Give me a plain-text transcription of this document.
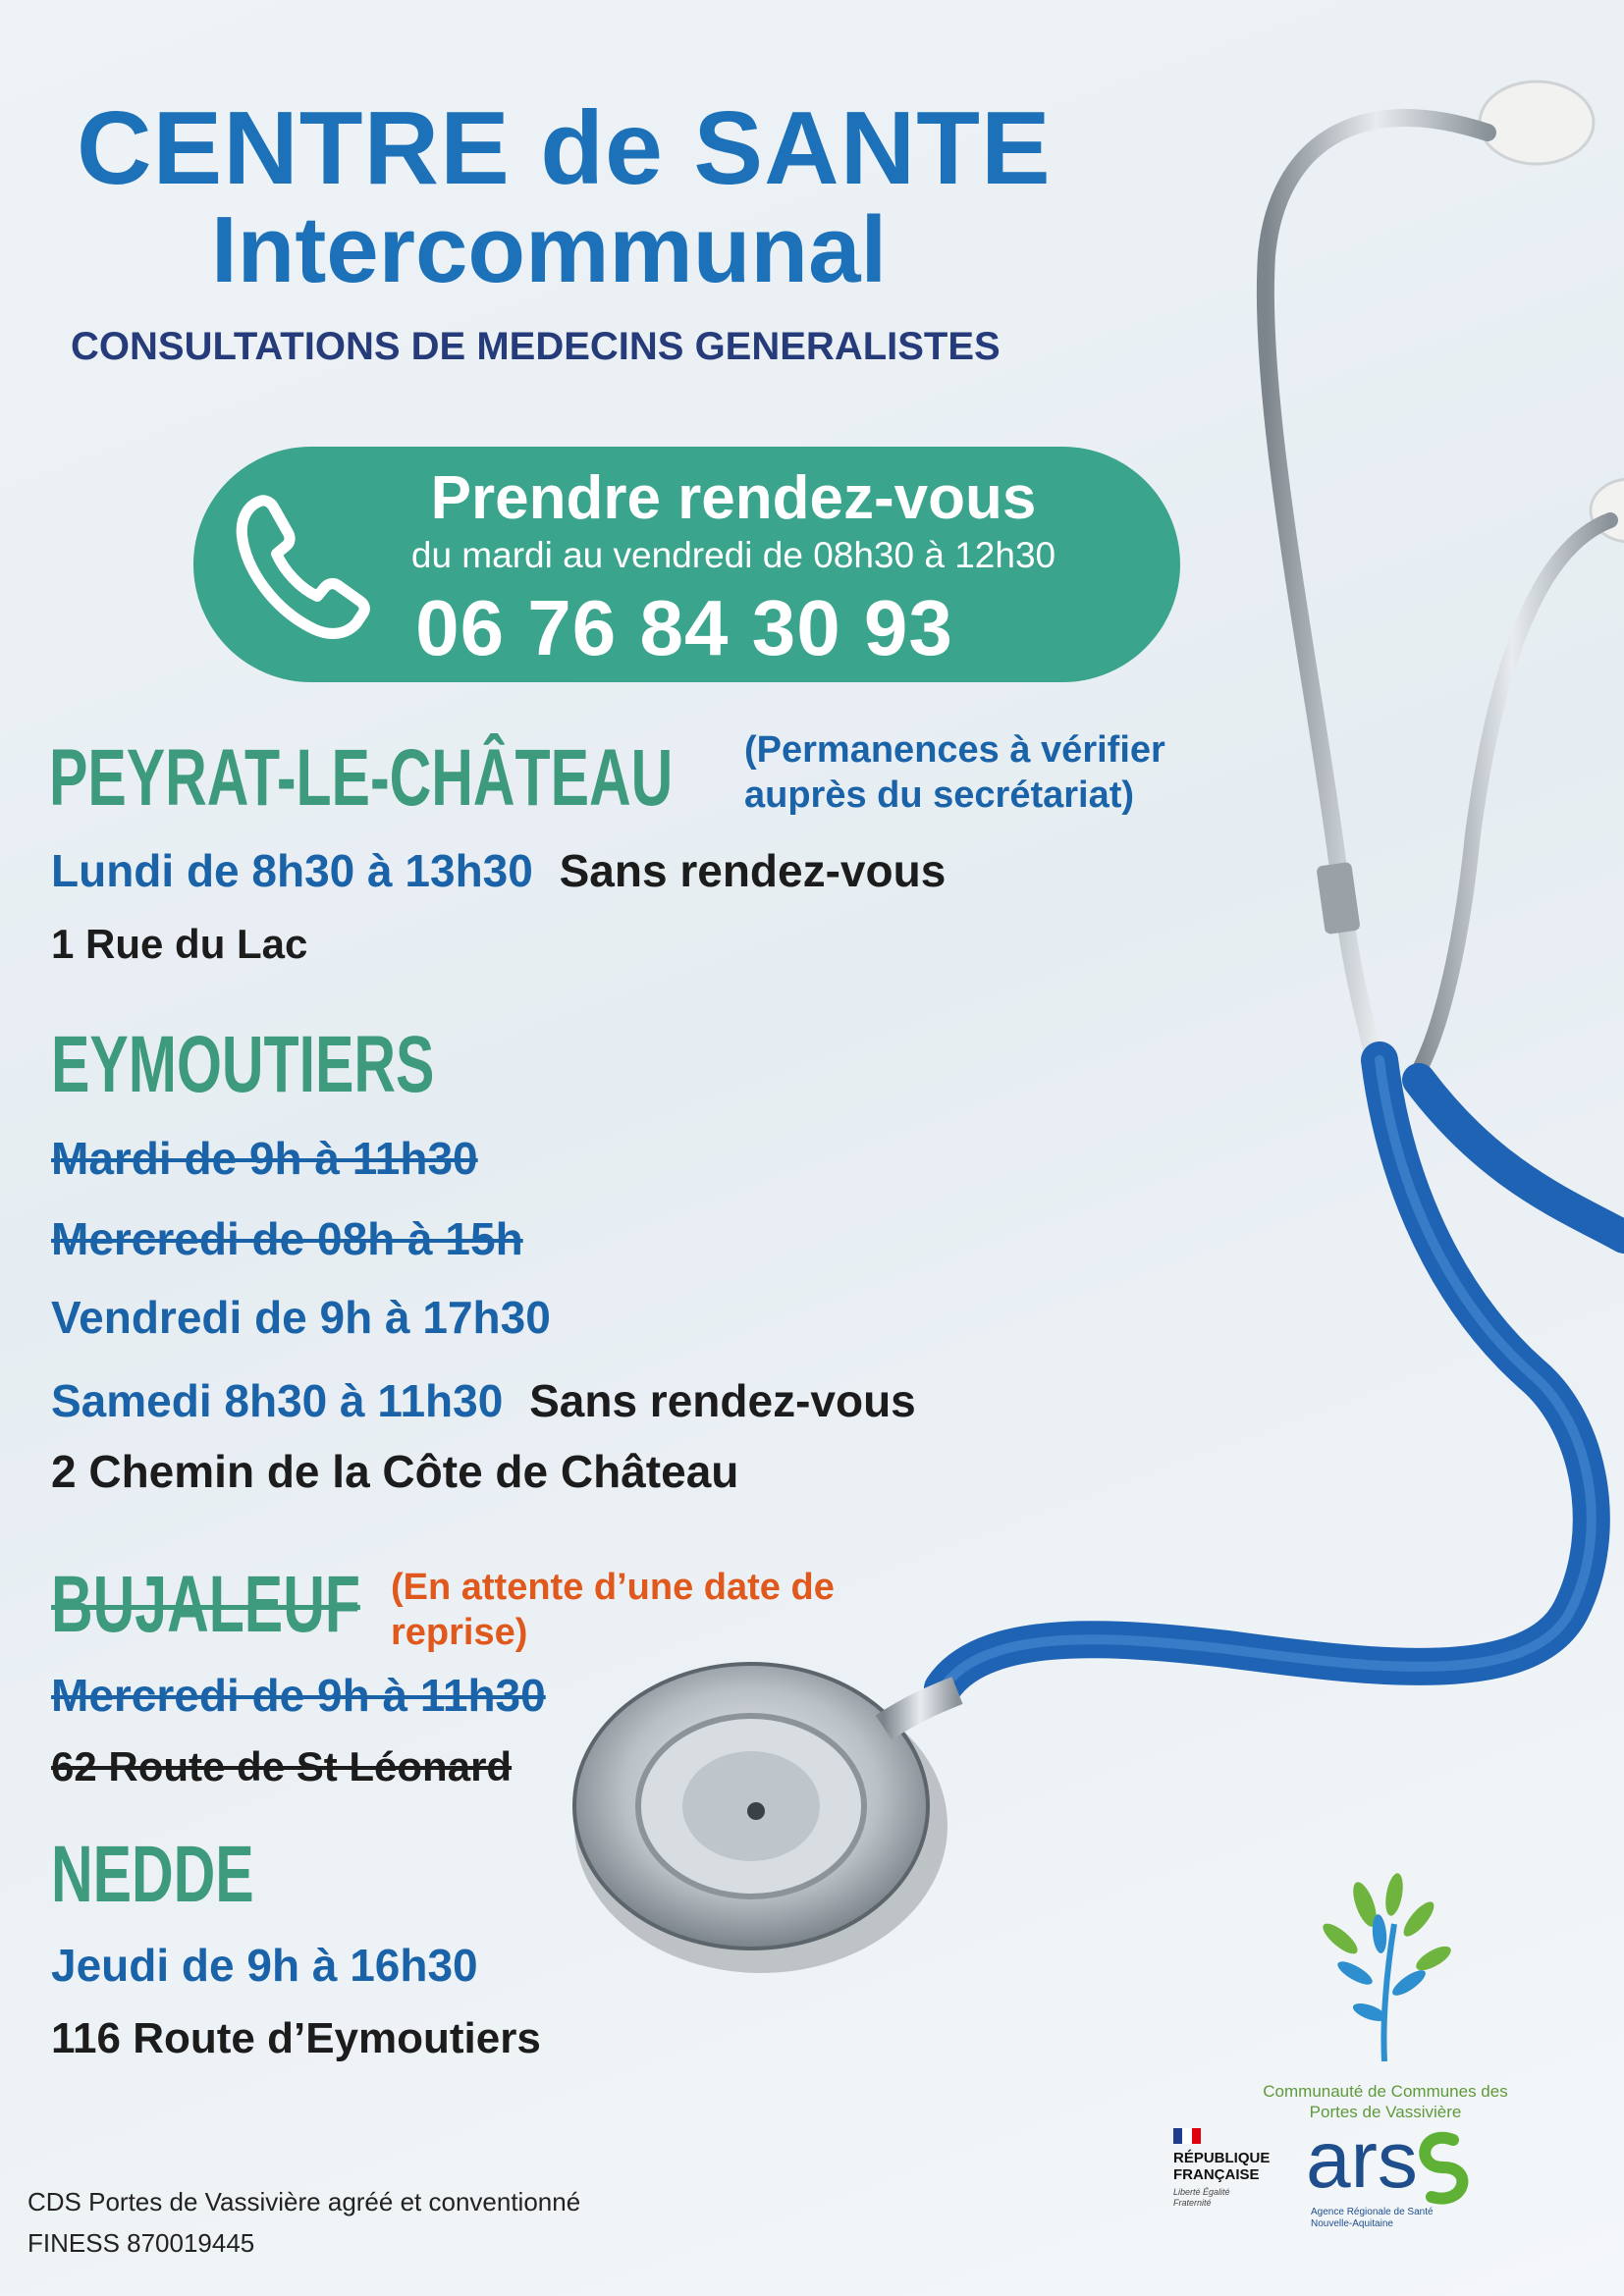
CENTRE de SANTE
Intercommunal
CONSULTATIONS DE MEDECINS GENERALISTES
Prendre rendez-vous
du mardi au vendredi de 08h30 à 12h30
06 76 84 30 93
PEYRAT-LE-CHÂTEAU (Permanences à vérifier
auprès du secrétariat)
Lundi de 8h30 à 13h30 Sans rendez-vous
1 Rue du Lac
EYMOUTIERS
Mardi de 9h à 11h30
Mercredi de 08h à 15h
Vendredi de 9h à 17h30
Samedi 8h30 à 11h30 Sans rendez-vous
2 Chemin de la Côte de Château
BUJALEUF (En attente d’une date de
reprise)
Mercredi de 9h à 11h30
62 Route de St Léonard
NEDDE
Jeudi de 9h à 16h30
116 Route d’Eymoutiers
CDS Portes de Vassivière agréé et conventionné
FINESS 870019445
Communauté de Communes des Portes de Vassivière
RÉPUBLIQUE FRANÇAISE
Liberté Égalité Fraternité ars
Agence Régionale de Santé Nouvelle-Aquitaine
